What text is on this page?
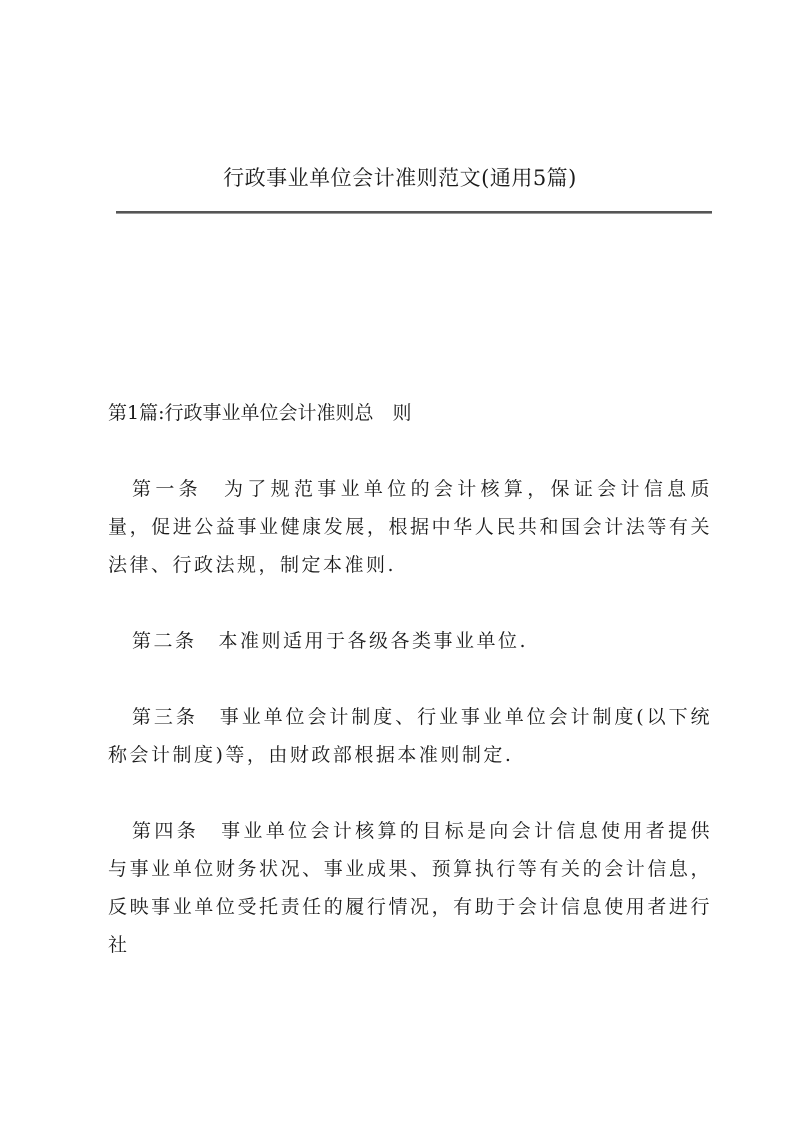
行政事业单位会计准则范文(通用5篇)
第1篇:行政事业单位会计准则总　则

第一条 为了规范事业单位的会计核算，保证会计信息质量，促进公益事业健康发展，根据中华人民共和国会计法等有关法律、行政法规，制定本准则.

第二条 本准则适用于各级各类事业单位.

第三条 事业单位会计制度、行业事业单位会计制度(以下统称会计制度)等，由财政部根据本准则制定.

第四条 事业单位会计核算的目标是向会计信息使用者提供与事业单位财务状况、事业成果、预算执行等有关的会计信息，反映事业单位受托责任的履行情况，有助于会计信息使用者进行社
